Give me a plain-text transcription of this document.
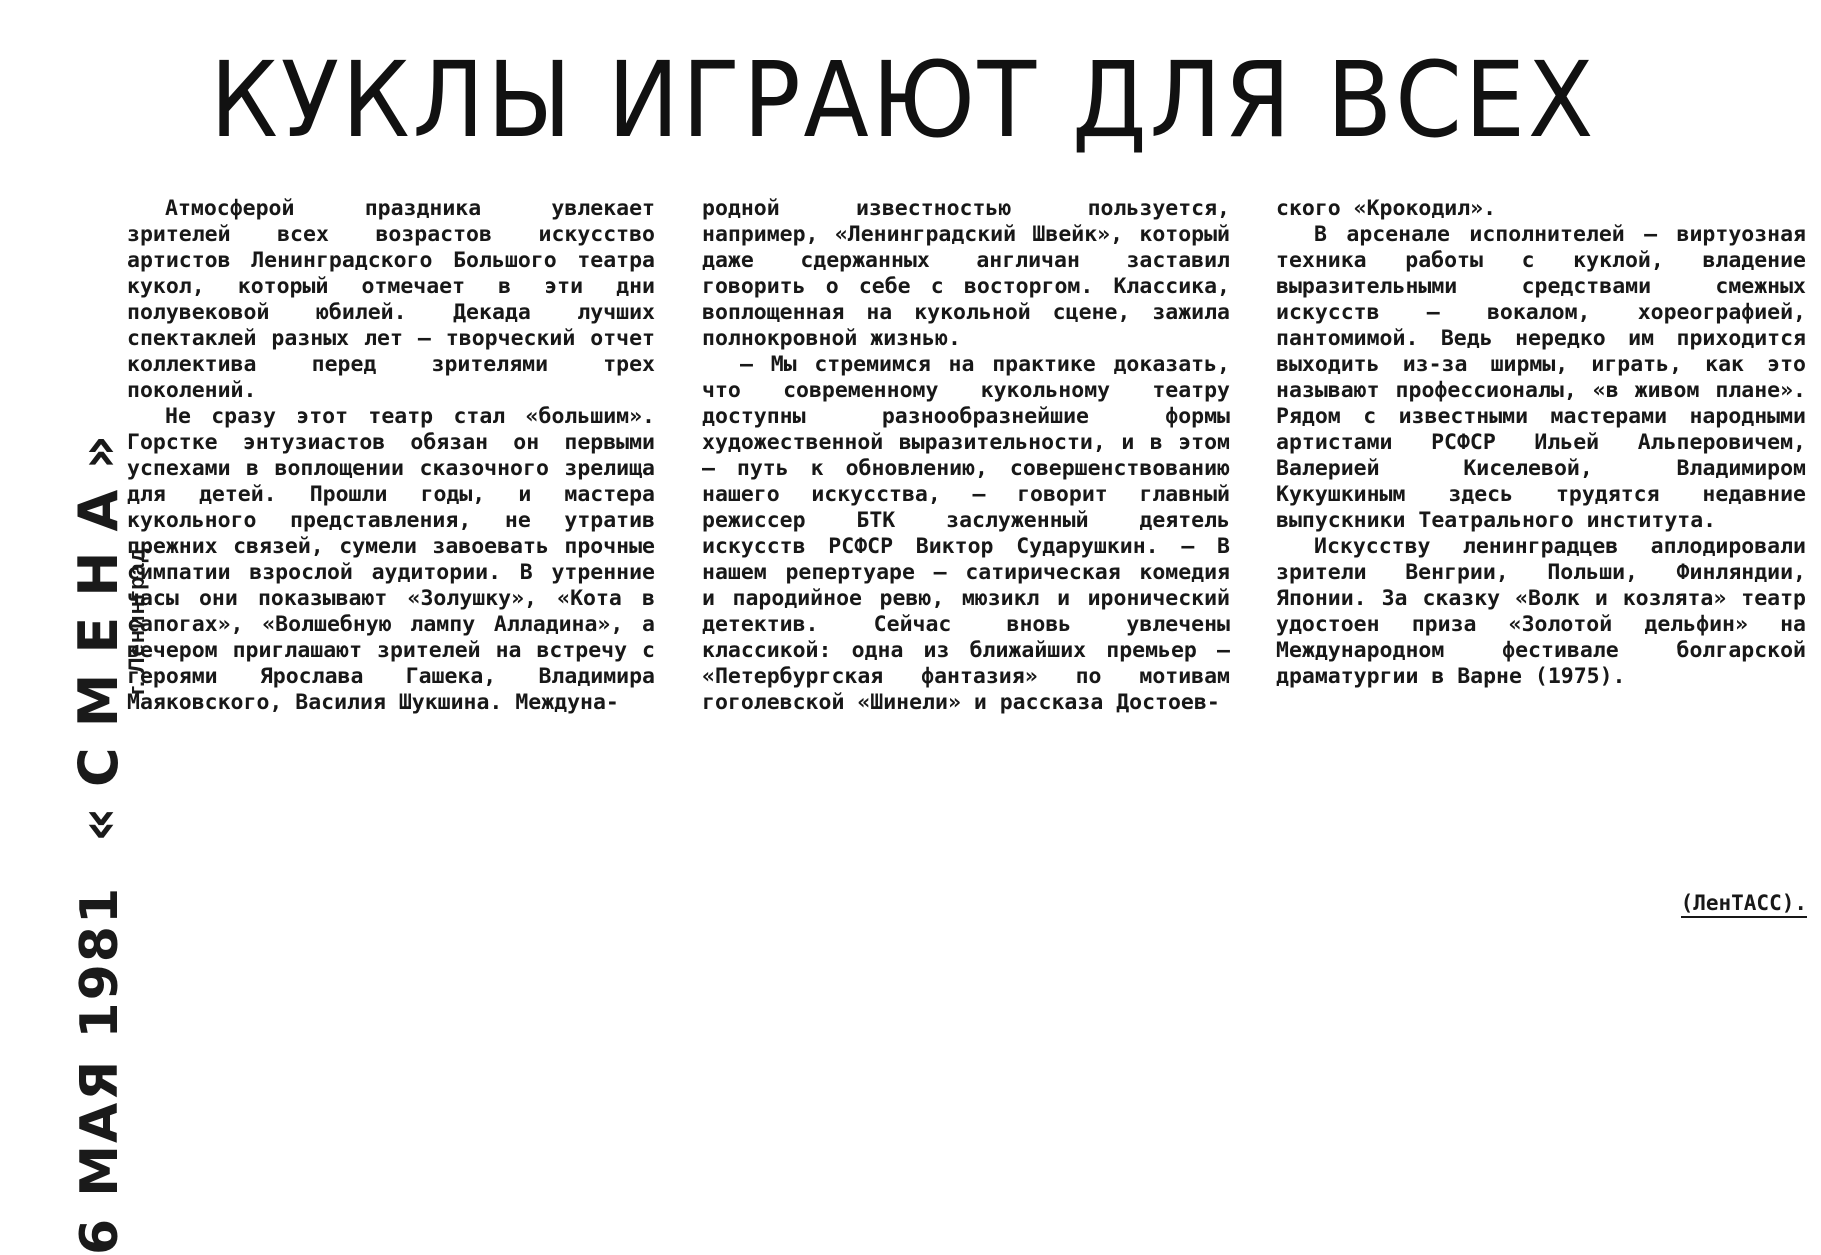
6 МАЯ 1981«СМЕНА»
г. Ленинград
КУКЛЫ ИГРАЮТ ДЛЯ ВСЕХ

Атмосферой праздника увлекает зрителей всех возрастов искусство артистов Ленинградского Большого театра кукол, который отмечает в эти дни полувековой юбилей. Декада лучших спектаклей разных лет — творческий отчет коллектива перед зрителями трех поколений.

Не сразу этот театр стал «большим». Горстке энтузиастов обязан он первыми успехами в воплощении сказочного зрелища для детей. Прошли годы, и мастера кукольного представления, не утратив прежних связей, сумели завоевать прочные симпатии взрослой аудитории. В утренние часы они показывают «Золушку», «Кота в сапогах», «Волшебную лампу Алладина», а вечером приглашают зрителей на встречу с героями Ярослава Гашека, Владимира Маяковского, Василия Шукшина. Междуна-

родной известностью пользуется, например, «Ленинградский Швейк», который даже сдержанных англичан заставил говорить о себе с восторгом. Классика, воплощенная на кукольной сцене, зажила полнокровной жизнью.

— Мы стремимся на практике доказать, что современному кукольному театру доступны разнообразнейшие формы художественной выразительности, и в этом — путь к обновлению, совершенствованию нашего искусства, — говорит главный режиссер БТК заслуженный деятель искусств РСФСР Виктор Сударушкин. — В нашем репертуаре — сатирическая комедия и пародийное ревю, мюзикл и иронический детектив. Сейчас вновь увлечены классикой: одна из ближайших премьер — «Петербургская фантазия» по мотивам гоголевской «Шинели» и рассказа Достоев-

ского «Крокодил».

В арсенале исполнителей — виртуозная техника работы с куклой, владение выразительными средствами смежных искусств — вокалом, хореографией, пантомимой. Ведь нередко им приходится выходить из-за ширмы, играть, как это называют профессионалы, «в живом плане». Рядом с известными мастерами народными артистами РСФСР Ильей Альперовичем, Валерией Киселевой, Владимиром Кукушкиным здесь трудятся недавние выпускники Театрального института.

Искусству ленинградцев аплодировали зрители Венгрии, Польши, Финляндии, Японии. За сказку «Волк и козлята» театр удостоен приза «Золотой дельфин» на Международном фестивале болгарской драматургии в Варне (1975).

(ЛенТАСС).
